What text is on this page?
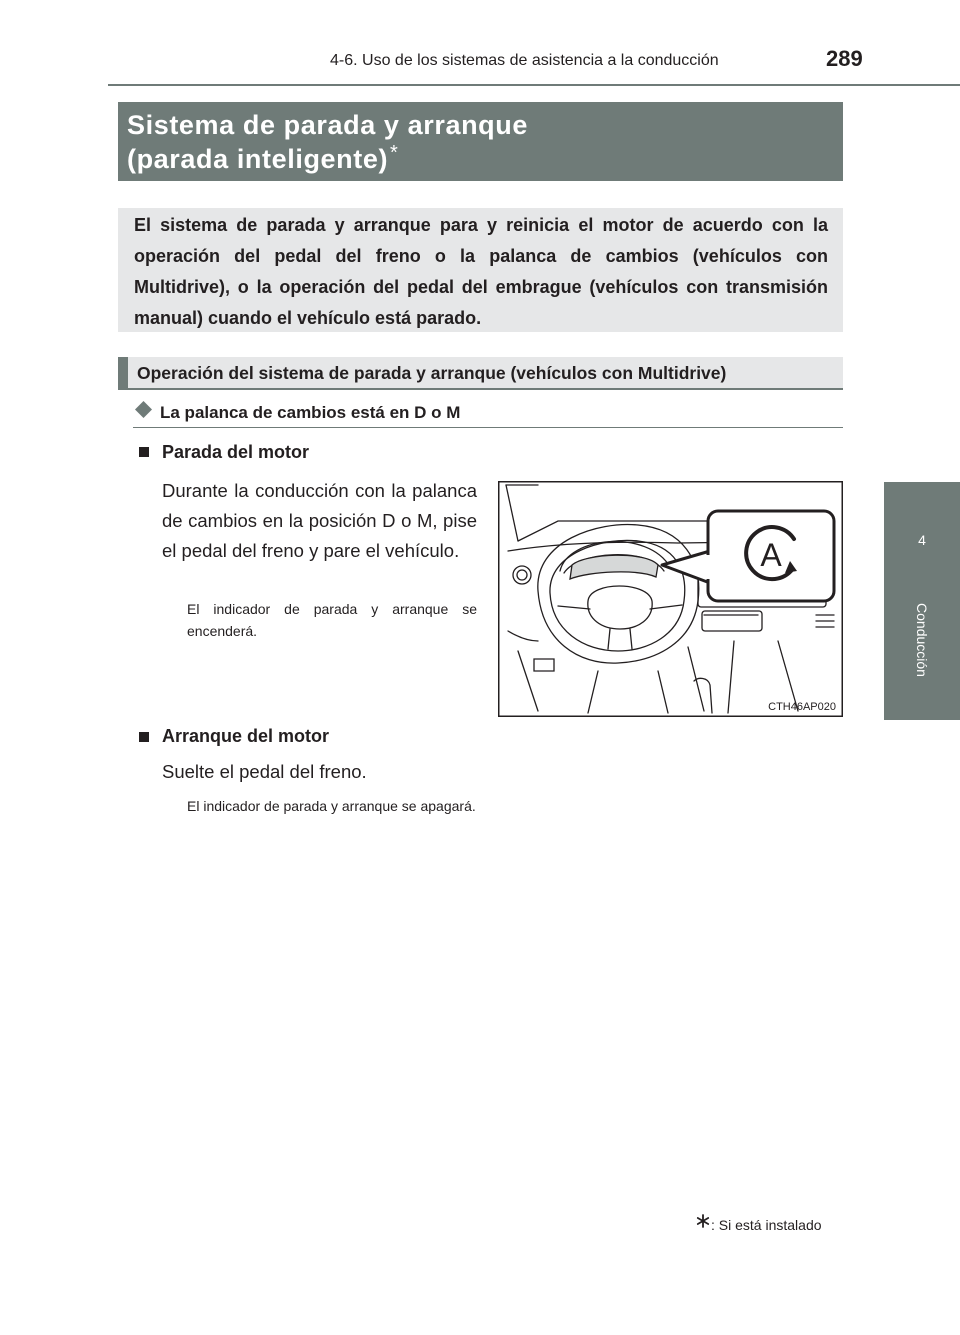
4-6. Uso de los sistemas de asistencia a la conducción	289
4
Conducción
Sistema de parada y arranque
(parada inteligente) *
El sistema de parada y arranque para y reinicia el motor de acuerdo con la operación del pedal del freno o la palanca de cambios (vehículos con Multidrive), o la operación del pedal del embrague (vehículos con transmisión manual) cuando el vehículo está parado.
Operación del sistema de parada y arranque (vehículos con Multidrive)
La palanca de cambios está en D o M
Parada del motor
Durante la conducción con la palanca de cambios en la posición D o M, pise el pedal del freno y pare el vehículo.
El indicador de parada y arranque se encenderá.
A
CTH46AP020
Arranque del motor
Suelte el pedal del freno.
El indicador de parada y arranque se apagará.
: Si está instalado
